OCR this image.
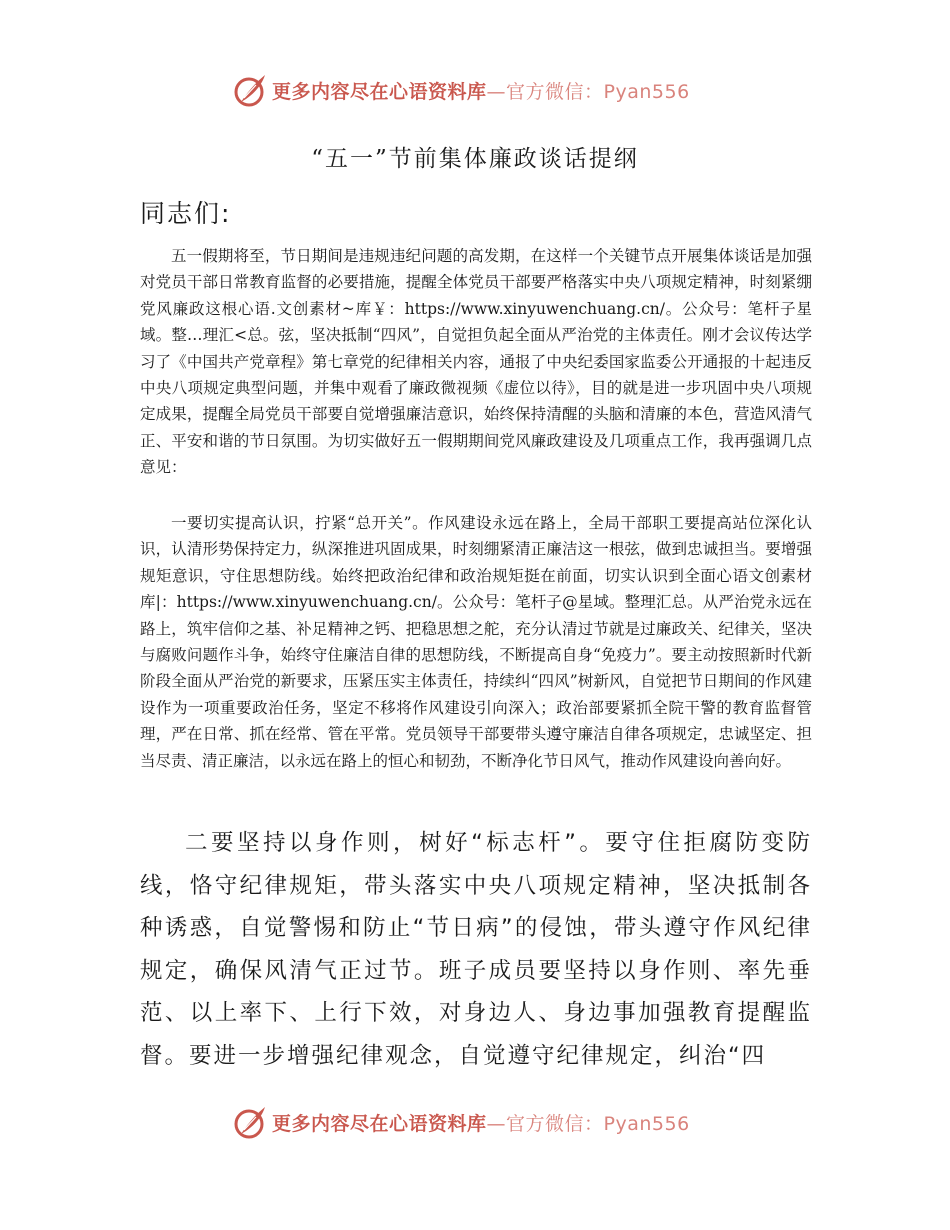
更多内容尽在心语资料库—官方微信：Pyan556
“五一”节前集体廉政谈话提纲

同志们:

五一假期将至，节日期间是违规违纪问题的高发期，在这样一个关键节点开展集体谈话是加强对党员干部日常教育监督的必要措施，提醒全体党员干部要严格落实中央八项规定精神，时刻紧绷党风廉政这根心语.文创素材~库￥：https://www.xinyuwenchuang.cn/。公众号：笔杆子星域。整…理汇<总。弦，坚决抵制“四风”，自觉担负起全面从严治党的主体责任。刚才会议传达学习了《中国共产党章程》第七章党的纪律相关内容，通报了中央纪委国家监委公开通报的十起违反中央八项规定典型问题，并集中观看了廉政微视频《虚位以待》，目的就是进一步巩固中央八项规定成果，提醒全局党员干部要自觉增强廉洁意识，始终保持清醒的头脑和清廉的本色，营造风清气正、平安和谐的节日氛围。为切实做好五一假期期间党风廉政建设及几项重点工作，我再强调几点意见：

一要切实提高认识，拧紧“总开关”。作风建设永远在路上，全局干部职工要提高站位深化认识，认清形势保持定力，纵深推进巩固成果，时刻绷紧清正廉洁这一根弦，做到忠诚担当。要增强规矩意识，守住思想防线。始终把政治纪律和政治规矩挺在前面，切实认识到全面心语文创素材库|：https://www.xinyuwenchuang.cn/。公众号：笔杆子@星域。整理汇总。从严治党永远在路上，筑牢信仰之基、补足精神之钙、把稳思想之舵，充分认清过节就是过廉政关、纪律关，坚决与腐败问题作斗争，始终守住廉洁自律的思想防线，不断提高自身“免疫力”。要主动按照新时代新阶段全面从严治党的新要求，压紧压实主体责任，持续纠“四风”树新风，自觉把节日期间的作风建设作为一项重要政治任务，坚定不移将作风建设引向深入；政治部要紧抓全院干警的教育监督管理，严在日常、抓在经常、管在平常。党员领导干部要带头遵守廉洁自律各项规定，忠诚坚定、担当尽责、清正廉洁，以永远在路上的恒心和韧劲，不断净化节日风气，推动作风建设向善向好。

二要坚持以身作则，树好“标志杆”。要守住拒腐防变防线，恪守纪律规矩，带头落实中央八项规定精神，坚决抵制各种诱惑，自觉警惕和防止“节日病”的侵蚀，带头遵守作风纪律规定，确保风清气正过节。班子成员要坚持以身作则、率先垂范、以上率下、上行下效，对身边人、身边事加强教育提醒监督。要进一步增强纪律观念，自觉遵守纪律规定，纠治“四

更多内容尽在心语资料库—官方微信：Pyan556
